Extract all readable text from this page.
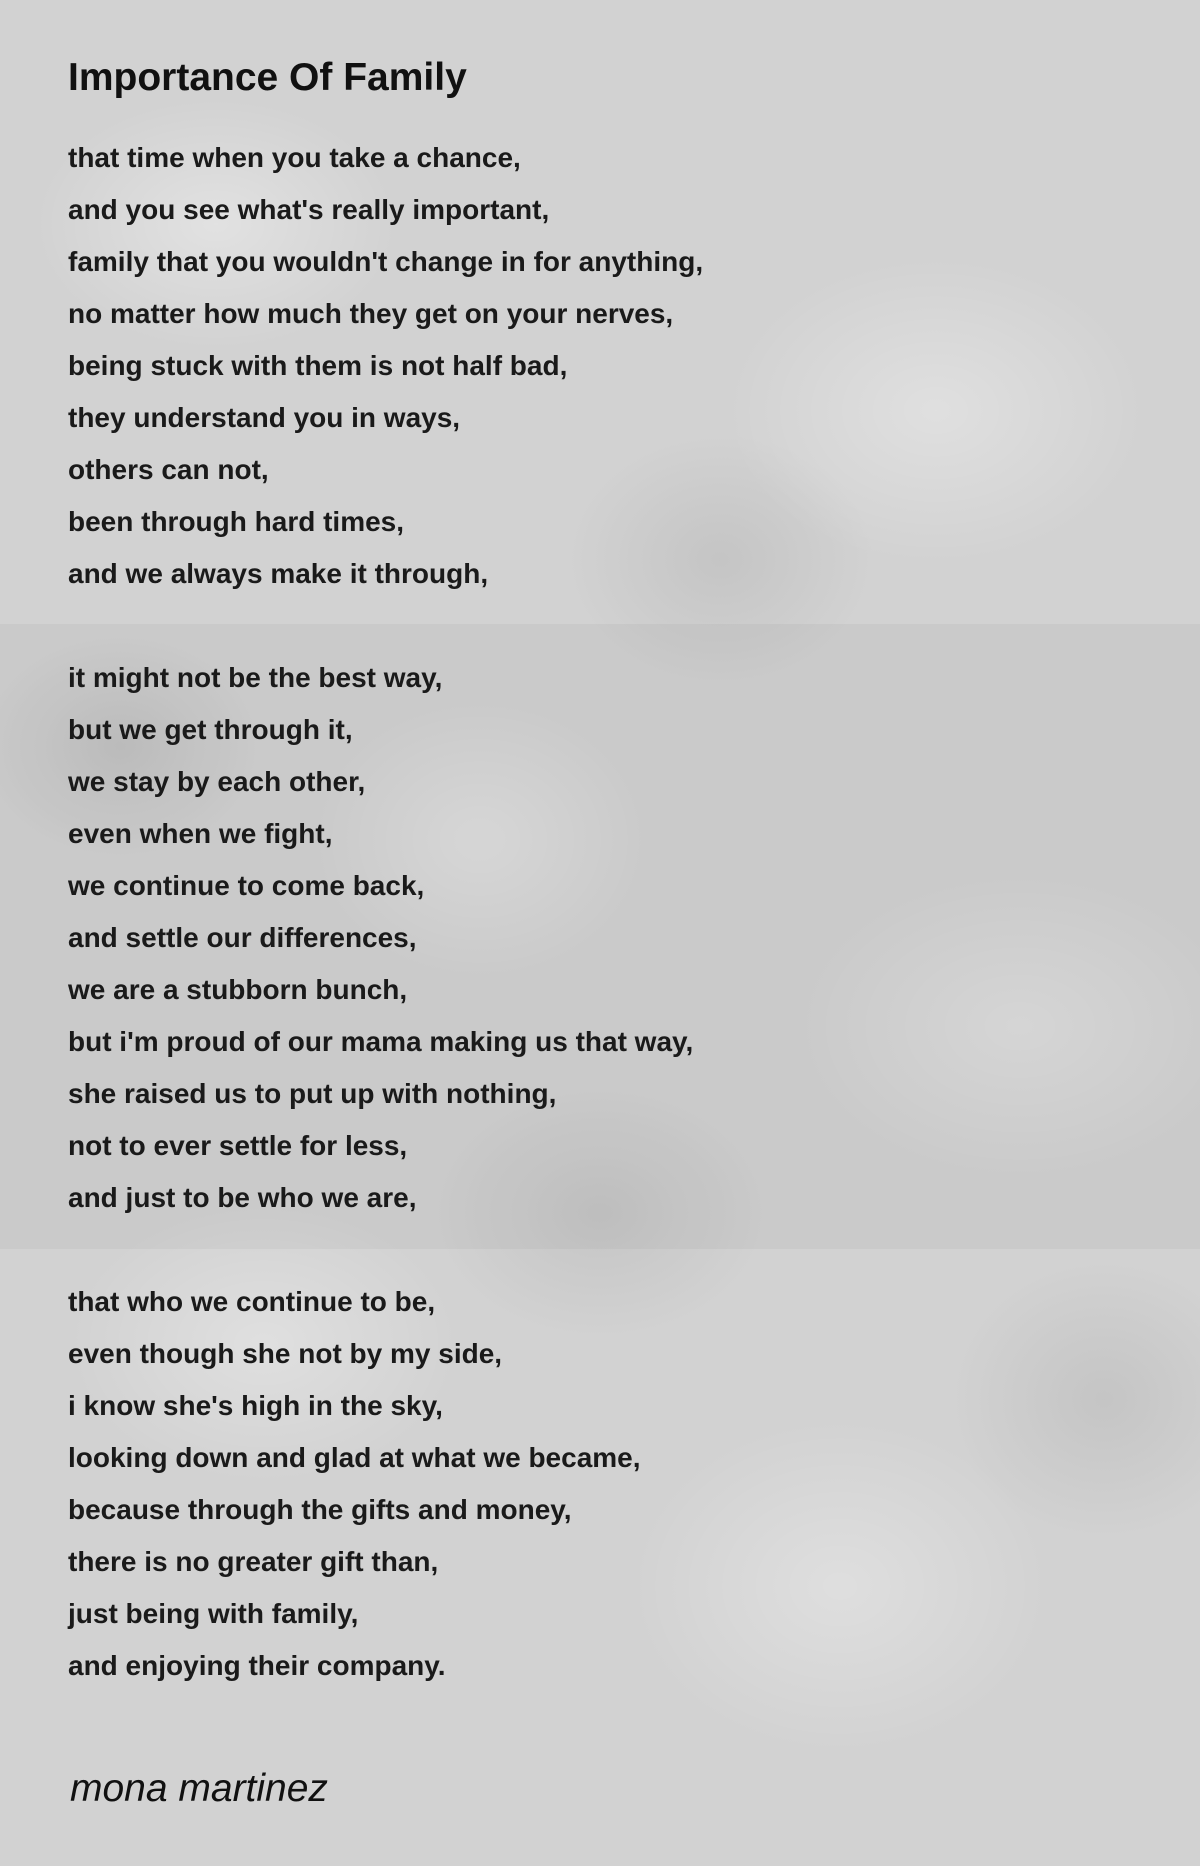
Importance Of Family
that time when you take a chance,
and you see what's really important,
family that you wouldn't change in for anything,
no matter how much they get on your nerves,
being stuck with them is not half bad,
they understand you in ways,
others can not,
been through hard times,
and we always make it through,
it might not be the best way,
but we get through it,
we stay by each other,
even when we fight,
we continue to come back,
and settle our differences,
we are a stubborn bunch,
but i'm proud of our mama making us that way,
she raised us to put up with nothing,
not to ever settle for less,
and just to be who we are,
that who we continue to be,
even though she not by my side,
i know she's high in the sky,
looking down and glad at what we became,
because through the gifts and money,
there is no greater gift than,
just being with family,
and enjoying their company.
mona martinez
